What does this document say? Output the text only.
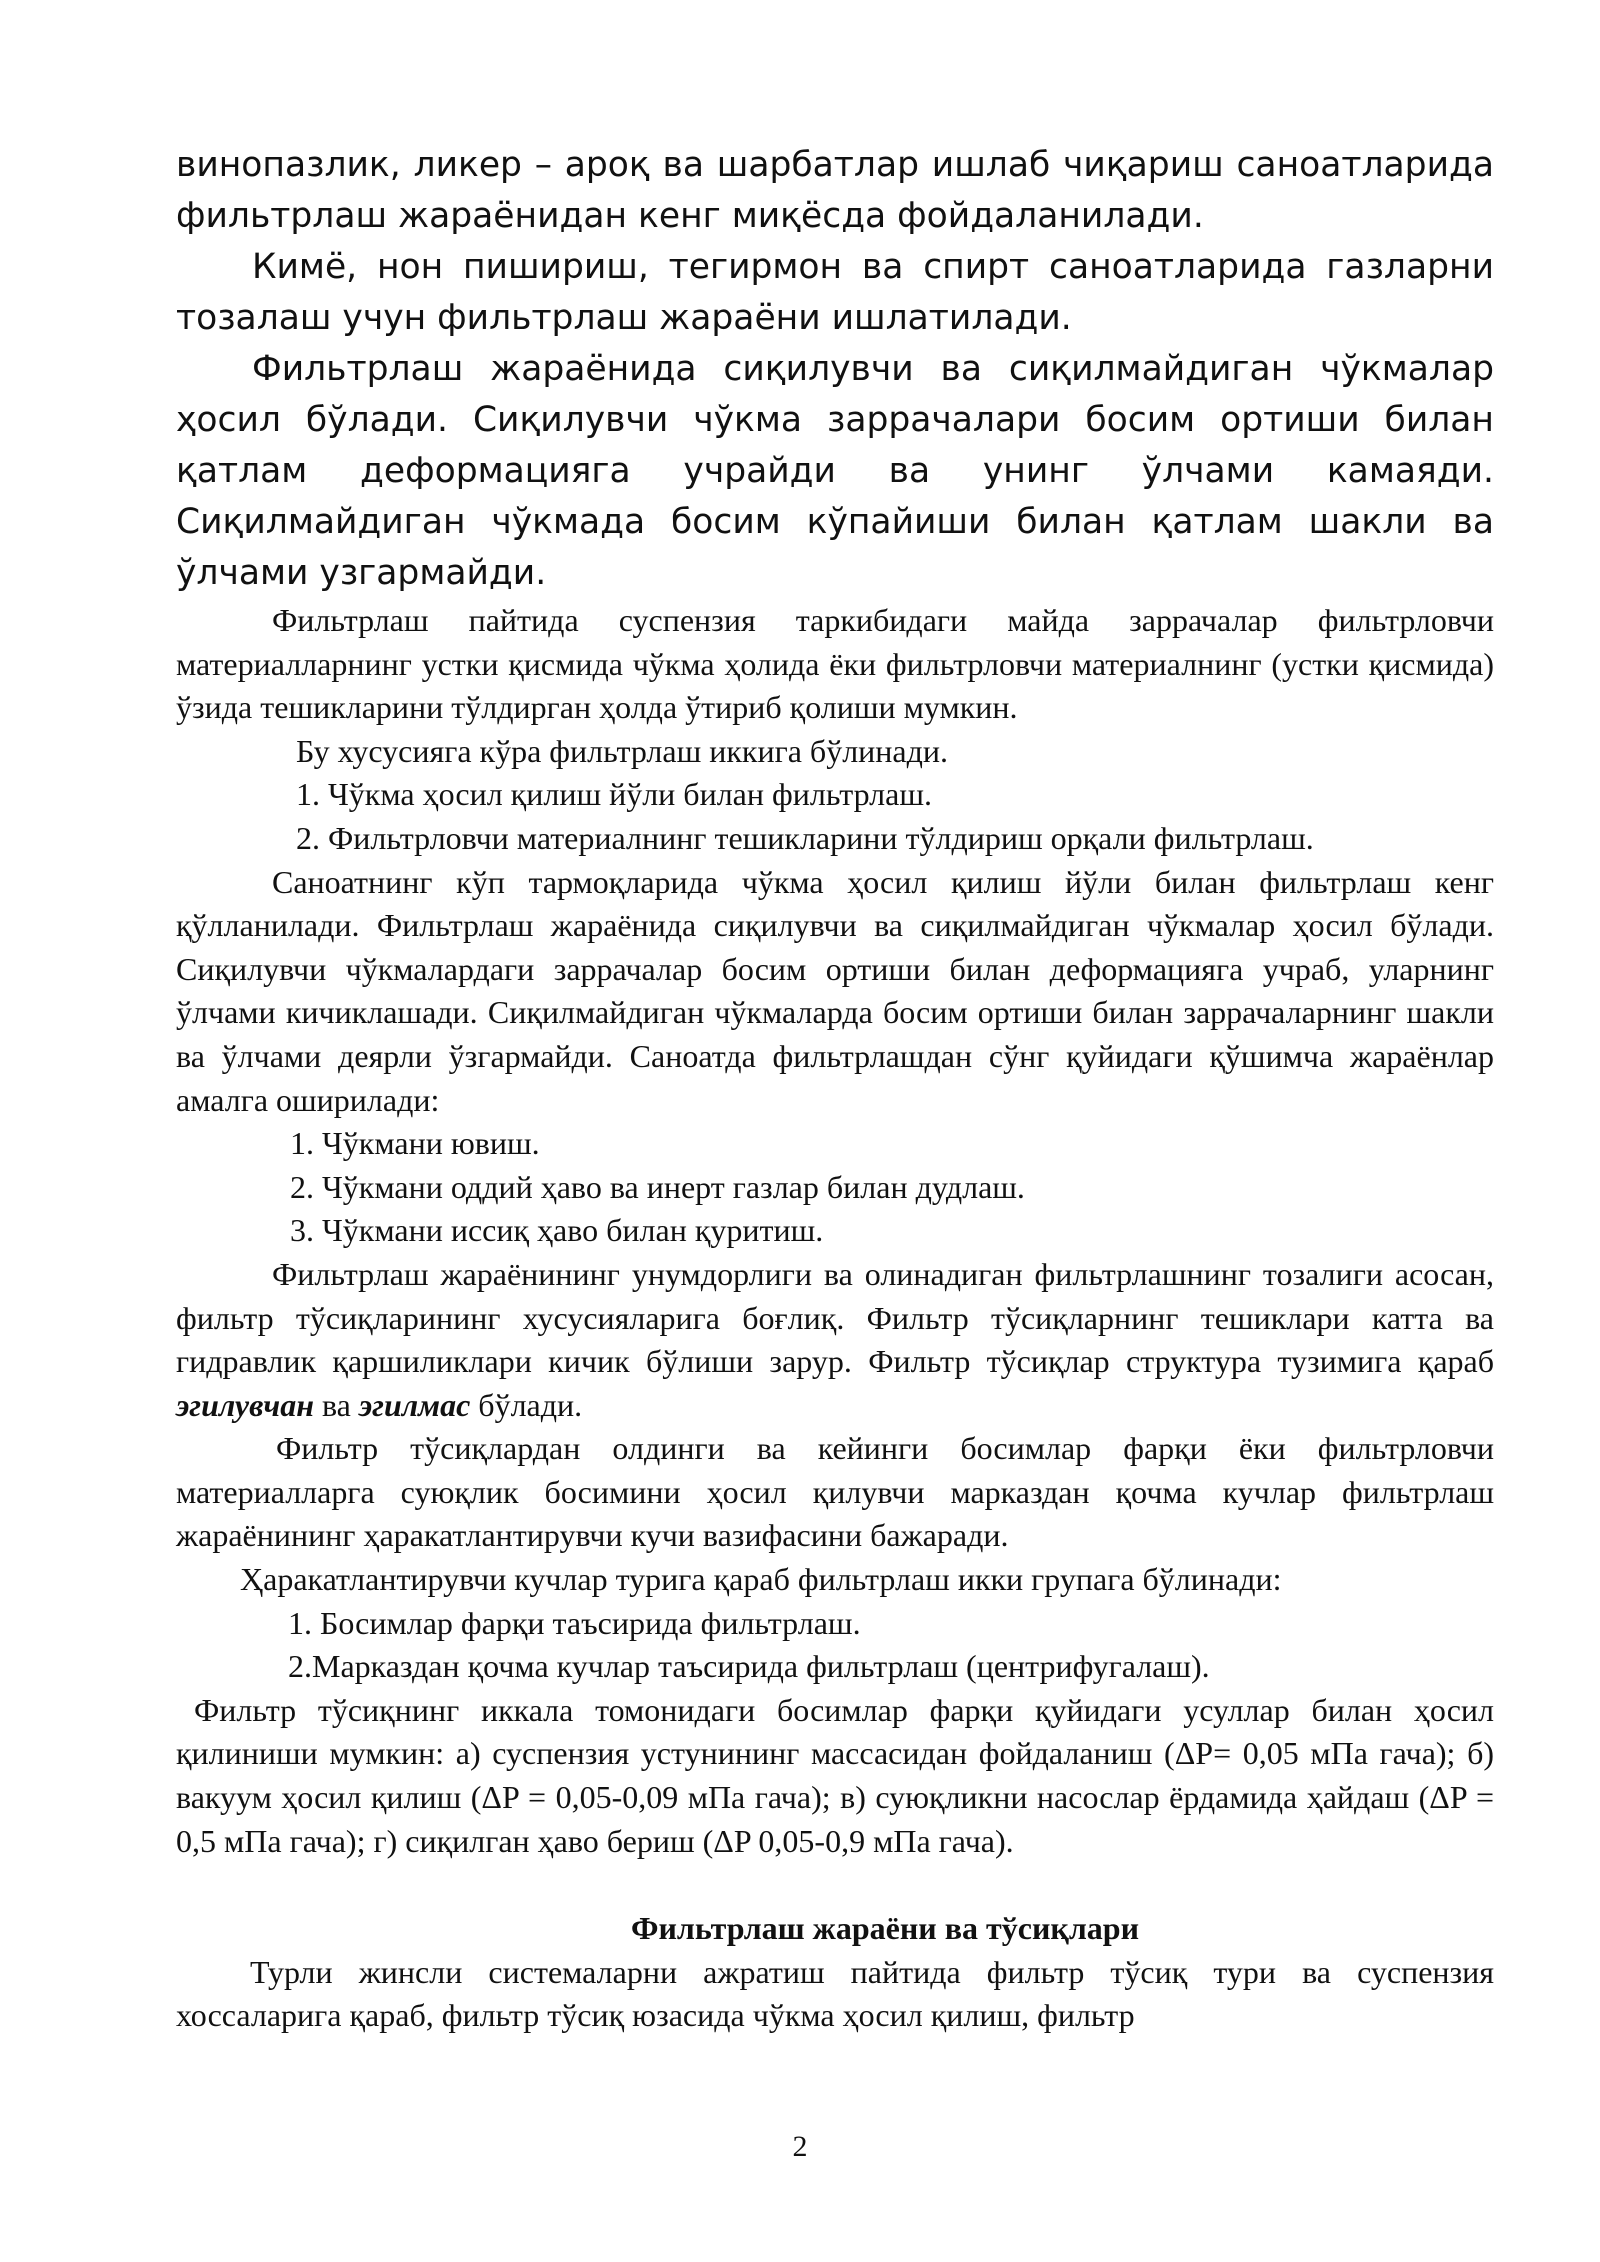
винопазлик, ликер – ароқ ва шарбатлар ишлаб чиқариш саноатларида фильтрлаш жараёнидан кенг миқёсда фойдаланилади.

Кимё, нон пишириш, тегирмон ва спирт саноатларида газларни тозалаш учун фильтрлаш жараёни ишлатилади.

Фильтрлаш жараёнида сиқилувчи ва сиқилмайдиган чўкмалар ҳосил бўлади. Сиқилувчи чўкма заррачалари босим ортиши билан қатлам деформацияга учрайди ва унинг ўлчами камаяди. Сиқилмайдиган чўкмада босим кўпайиши билан қатлам шакли ва ўлчами узгармайди.

Фильтрлаш пайтида суспензия таркибидаги майда заррачалар фильтрловчи материалларнинг устки қисмида чўкма ҳолида ёки фильтрловчи материалнинг (устки қисмида) ўзида тешикларини тўлдирган ҳолда ўтириб қолиши мумкин.

Бу хусусияга кўра фильтрлаш иккига бўлинади.

1. Чўкма ҳосил қилиш йўли билан фильтрлаш.

2. Фильтрловчи материалнинг тешикларини тўлдириш орқали фильтрлаш.

Саноатнинг кўп тармоқларида чўкма ҳосил қилиш йўли билан фильтрлаш кенг қўлланилади. Фильтрлаш жараёнида сиқилувчи ва сиқилмайдиган чўкмалар ҳосил бўлади. Сиқилувчи чўкмалардаги заррачалар босим ортиши билан деформацияга учраб, уларнинг ўлчами кичиклашади. Сиқилмайдиган чўкмаларда босим ортиши билан заррачаларнинг шакли ва ўлчами деярли ўзгармайди. Саноатда фильтрлашдан сўнг қуйидаги қўшимча жараёнлар амалга оширилади:

1. Чўкмани ювиш.

2. Чўкмани оддий ҳаво ва инерт газлар билан дудлаш.

3. Чўкмани иссиқ ҳаво билан қуритиш.

Фильтрлаш жараёнининг унумдорлиги ва олинадиган фильтрлашнинг тозалиги асосан, фильтр тўсиқларининг хусусияларига боғлиқ. Фильтр тўсиқларнинг тешиклари катта ва гидравлик қаршиликлари кичик бўлиши зарур. Фильтр тўсиқлар структура тузимига қараб эгилувчан ва эгилмас бўлади.

Фильтр тўсиқлардан олдинги ва кейинги босимлар фарқи ёки фильтрловчи материалларга суюқлик босимини ҳосил қилувчи марказдан қочма кучлар фильтрлаш жараёнининг ҳаракатлантирувчи кучи вазифасини бажаради.

Ҳаракатлантирувчи кучлар турига қараб фильтрлаш икки групага бўлинади:

1. Босимлар фарқи таъсирида фильтрлаш.

2.Марказдан қочма кучлар таъсирида фильтрлаш (центрифугалаш).

Фильтр тўсиқнинг иккала томонидаги босимлар фарқи қуйидаги усуллар билан ҳосил қилиниши мумкин: а) суспензия устунининг массасидан фойдаланиш (ΔP= 0,05 мПа гача); б) вакуум ҳосил қилиш (ΔP = 0,05-0,09 мПа гача); в) суюқликни насослар ёрдамида ҳайдаш (ΔP = 0,5 мПа гача); г) сиқилган ҳаво бериш (ΔP 0,05-0,9 мПа гача).

Фильтрлаш жараёни ва тўсиқлари

Турли жинсли системаларни ажратиш пайтида фильтр тўсиқ тури ва суспензия хоссаларига қараб, фильтр тўсиқ юзасида чўкма ҳосил қилиш, фильтр

2
